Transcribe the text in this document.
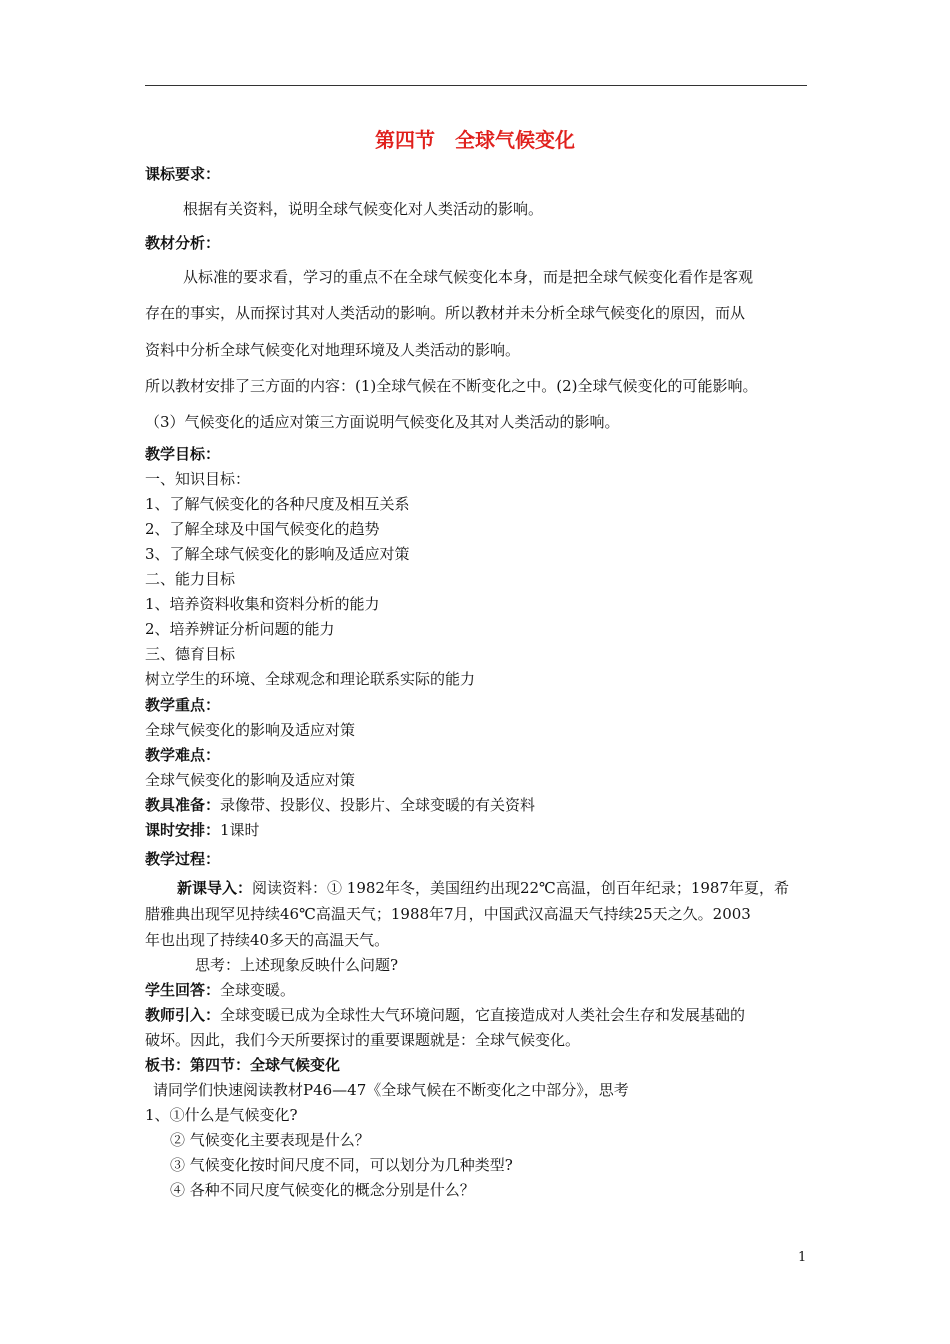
第四节　全球气候变化
课标要求：
根据有关资料，说明全球气候变化对人类活动的影响。
教材分析：
从标准的要求看，学习的重点不在全球气候变化本身，而是把全球气候变化看作是客观
存在的事实，从而探讨其对人类活动的影响。所以教材并未分析全球气候变化的原因，而从
资料中分析全球气候变化对地理环境及人类活动的影响。
所以教材安排了三方面的内容：(1)全球气候在不断变化之中。(2)全球气候变化的可能影响。
（3）气候变化的适应对策三方面说明气候变化及其对人类活动的影响。
教学目标：
一、知识目标：
1、了解气候变化的各种尺度及相互关系
2、了解全球及中国气候变化的趋势
3、了解全球气候变化的影响及适应对策
二、能力目标
1、培养资料收集和资料分析的能力
2、培养辨证分析问题的能力
三、德育目标
树立学生的环境、全球观念和理论联系实际的能力
教学重点：
全球气候变化的影响及适应对策
教学难点：
全球气候变化的影响及适应对策
教具准备：录像带、投影仪、投影片、全球变暖的有关资料
课时安排：1课时
教学过程：
新课导入：阅读资料：① 1982年冬，美国纽约出现22℃高温，创百年纪录；1987年夏，希
腊雅典出现罕见持续46℃高温天气；1988年7月，中国武汉高温天气持续25天之久。2003
年也出现了持续40多天的高温天气。
思考：上述现象反映什么问题?
学生回答：全球变暖。
教师引入：全球变暖已成为全球性大气环境问题，它直接造成对人类社会生存和发展基础的
破坏。因此，我们今天所要探讨的重要课题就是：全球气候变化。
板书：第四节：全球气候变化
请同学们快速阅读教材P46—47《全球气候在不断变化之中部分》，思考
1、①什么是气候变化?
② 气候变化主要表现是什么？
③ 气候变化按时间尺度不同，可以划分为几种类型?
④ 各种不同尺度气候变化的概念分别是什么？
1
